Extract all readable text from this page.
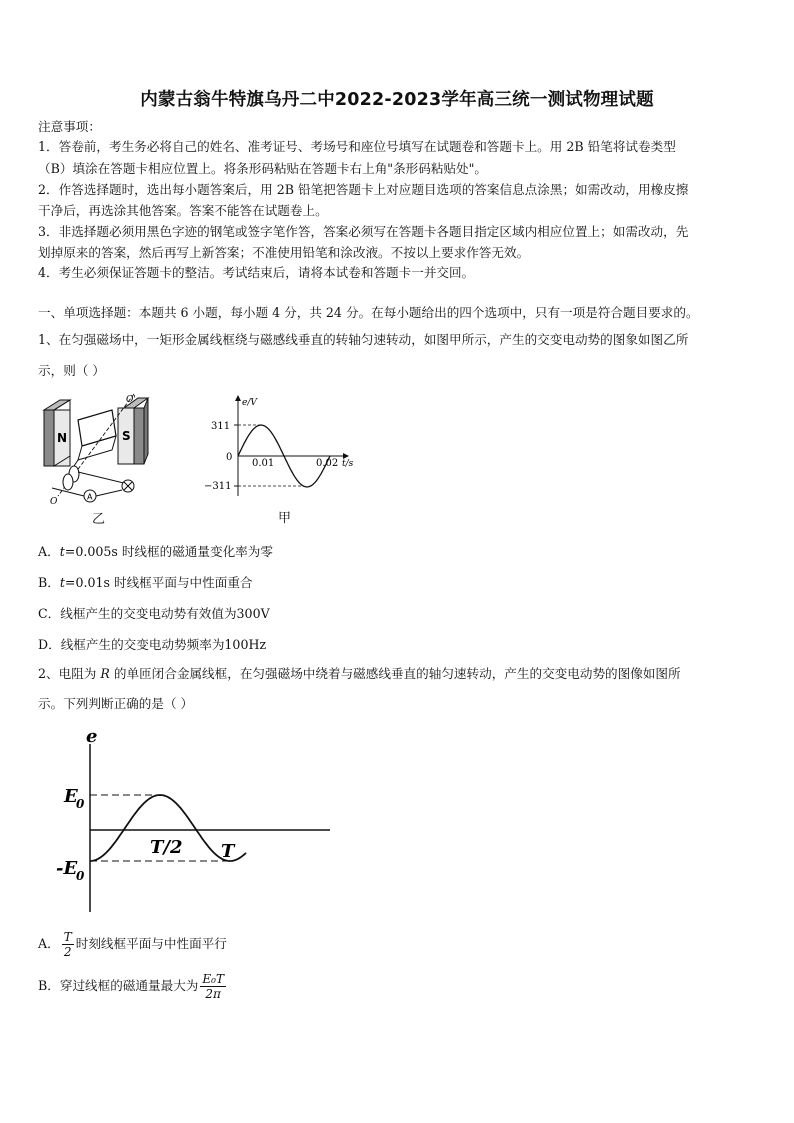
内蒙古翁牛特旗乌丹二中2022-2023学年高三统一测试物理试题
注意事项：
1．答卷前，考生务必将自己的姓名、准考证号、考场号和座位号填写在试题卷和答题卡上。用 2B 铅笔将试卷类型
（B）填涂在答题卡相应位置上。将条形码粘贴在答题卡右上角"条形码粘贴处"。
2．作答选择题时，选出每小题答案后，用 2B 铅笔把答题卡上对应题目选项的答案信息点涂黑；如需改动，用橡皮擦
干净后，再选涂其他答案。答案不能答在试题卷上。
3．非选择题必须用黑色字迹的钢笔或签字笔作答，答案必须写在答题卡各题目指定区域内相应位置上；如需改动，先
划掉原来的答案，然后再写上新答案；不准使用铅笔和涂改液。不按以上要求作答无效。
4．考生必须保证答题卡的整洁。考试结束后，请将本试卷和答题卡一并交回。
一、单项选择题：本题共 6 小题，每小题 4 分，共 24 分。在每小题给出的四个选项中，只有一项是符合题目要求的。
1、在匀强磁场中，一矩形金属线框绕与磁感线垂直的转轴匀速转动，如图甲所示，产生的交变电动势的图象如图乙所
示，则（ ）
N	S
O'
O	A
乙
e/V
t/s
0
311
−311
0.01	0.02
甲
A．t=0.005s 时线框的磁通量变化率为零
B．t=0.01s 时线框平面与中性面重合
C．线框产生的交变电动势有效值为300V
D．线框产生的交变电动势频率为100Hz
2、电阻为 R 的单匝闭合金属线框，在匀强磁场中绕着与磁感线垂直的轴匀速转动，产生的交变电动势的图像如图所
示。下列判断正确的是（ ）
e
E
0
-E
0
T/2 T
A． $\frac{T}{2}$ 时刻线框平面与中性面平行
B．穿过线框的磁通量最大为 $\frac{\text{E₀T}}{2\pi}$
